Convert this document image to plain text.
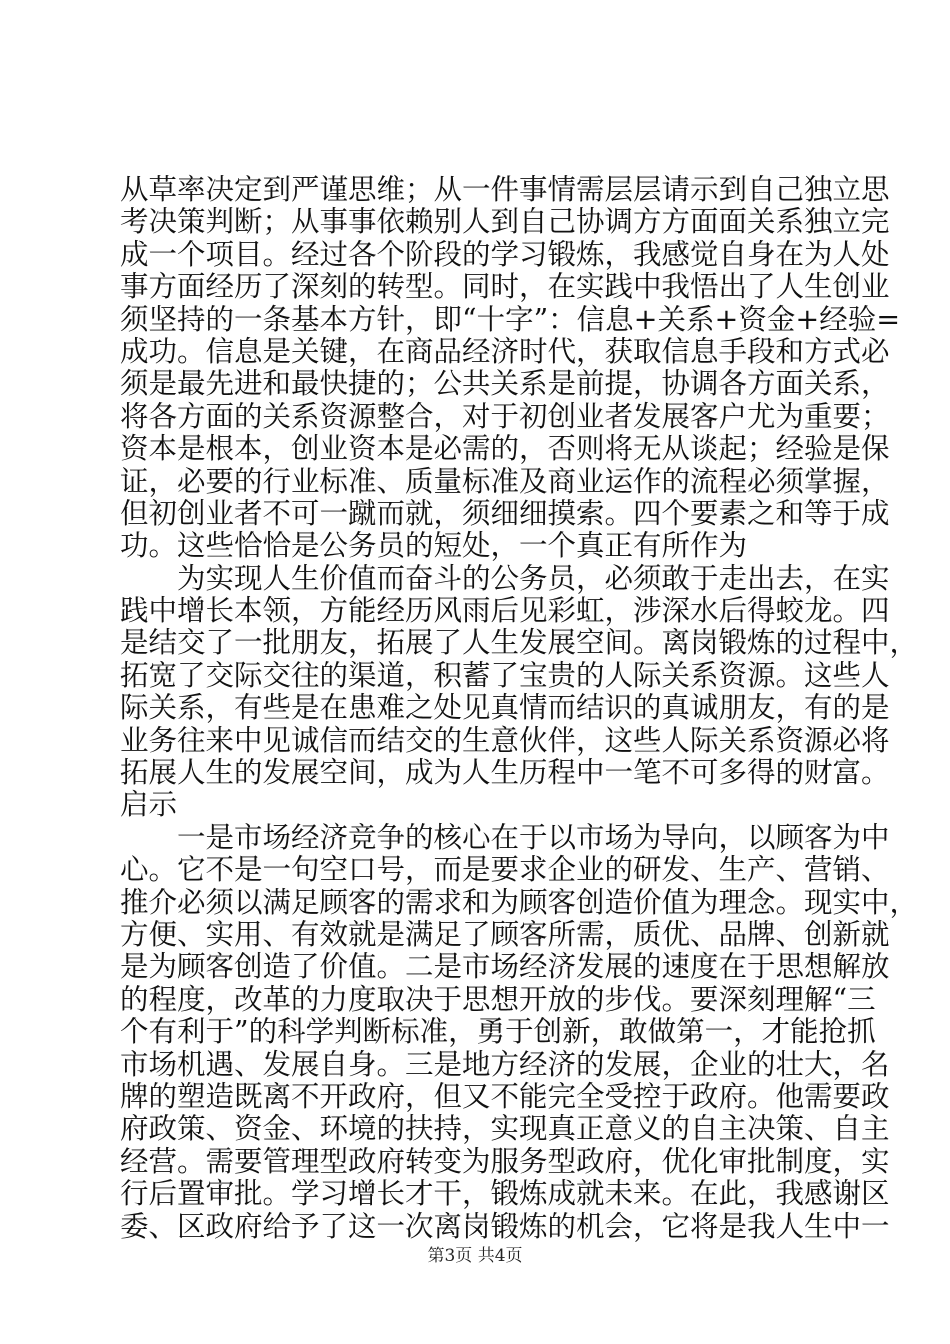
从草率决定到严谨思维；从一件事情需层层请示到自己独立思
考决策判断；从事事依赖别人到自己协调方方面面关系独立完
成一个项目。经过各个阶段的学习锻炼，我感觉自身在为人处
事方面经历了深刻的转型。同时，在实践中我悟出了人生创业
须坚持的一条基本方针，即“十字”：信息+关系+资金+经验=
成功。信息是关键，在商品经济时代，获取信息手段和方式必
须是最先进和最快捷的；公共关系是前提，协调各方面关系，
将各方面的关系资源整合，对于初创业者发展客户尤为重要；
资本是根本，创业资本是必需的，否则将无从谈起；经验是保
证，必要的行业标准、质量标准及商业运作的流程必须掌握，
但初创业者不可一蹴而就，须细细摸索。四个要素之和等于成
功。这些恰恰是公务员的短处，一个真正有所作为
为实现人生价值而奋斗的公务员，必须敢于走出去，在实
践中增长本领，方能经历风雨后见彩虹，涉深水后得蛟龙。四
是结交了一批朋友，拓展了人生发展空间。离岗锻炼的过程中，
拓宽了交际交往的渠道，积蓄了宝贵的人际关系资源。这些人
际关系，有些是在患难之处见真情而结识的真诚朋友，有的是
业务往来中见诚信而结交的生意伙伴，这些人际关系资源必将
拓展人生的发展空间，成为人生历程中一笔不可多得的财富。
启示
一是市场经济竞争的核心在于以市场为导向，以顾客为中
心。它不是一句空口号，而是要求企业的研发、生产、营销、
推介必须以满足顾客的需求和为顾客创造价值为理念。现实中，
方便、实用、有效就是满足了顾客所需，质优、品牌、创新就
是为顾客创造了价值。二是市场经济发展的速度在于思想解放
的程度，改革的力度取决于思想开放的步伐。要深刻理解“三
个有利于”的科学判断标准，勇于创新，敢做第一，才能抢抓
市场机遇、发展自身。三是地方经济的发展，企业的壮大，名
牌的塑造既离不开政府，但又不能完全受控于政府。他需要政
府政策、资金、环境的扶持，实现真正意义的自主决策、自主
经营。需要管理型政府转变为服务型政府，优化审批制度，实
行后置审批。学习增长才干，锻炼成就未来。在此，我感谢区
委、区政府给予了这一次离岗锻炼的机会，它将是我人生中一
第3页 共4页
